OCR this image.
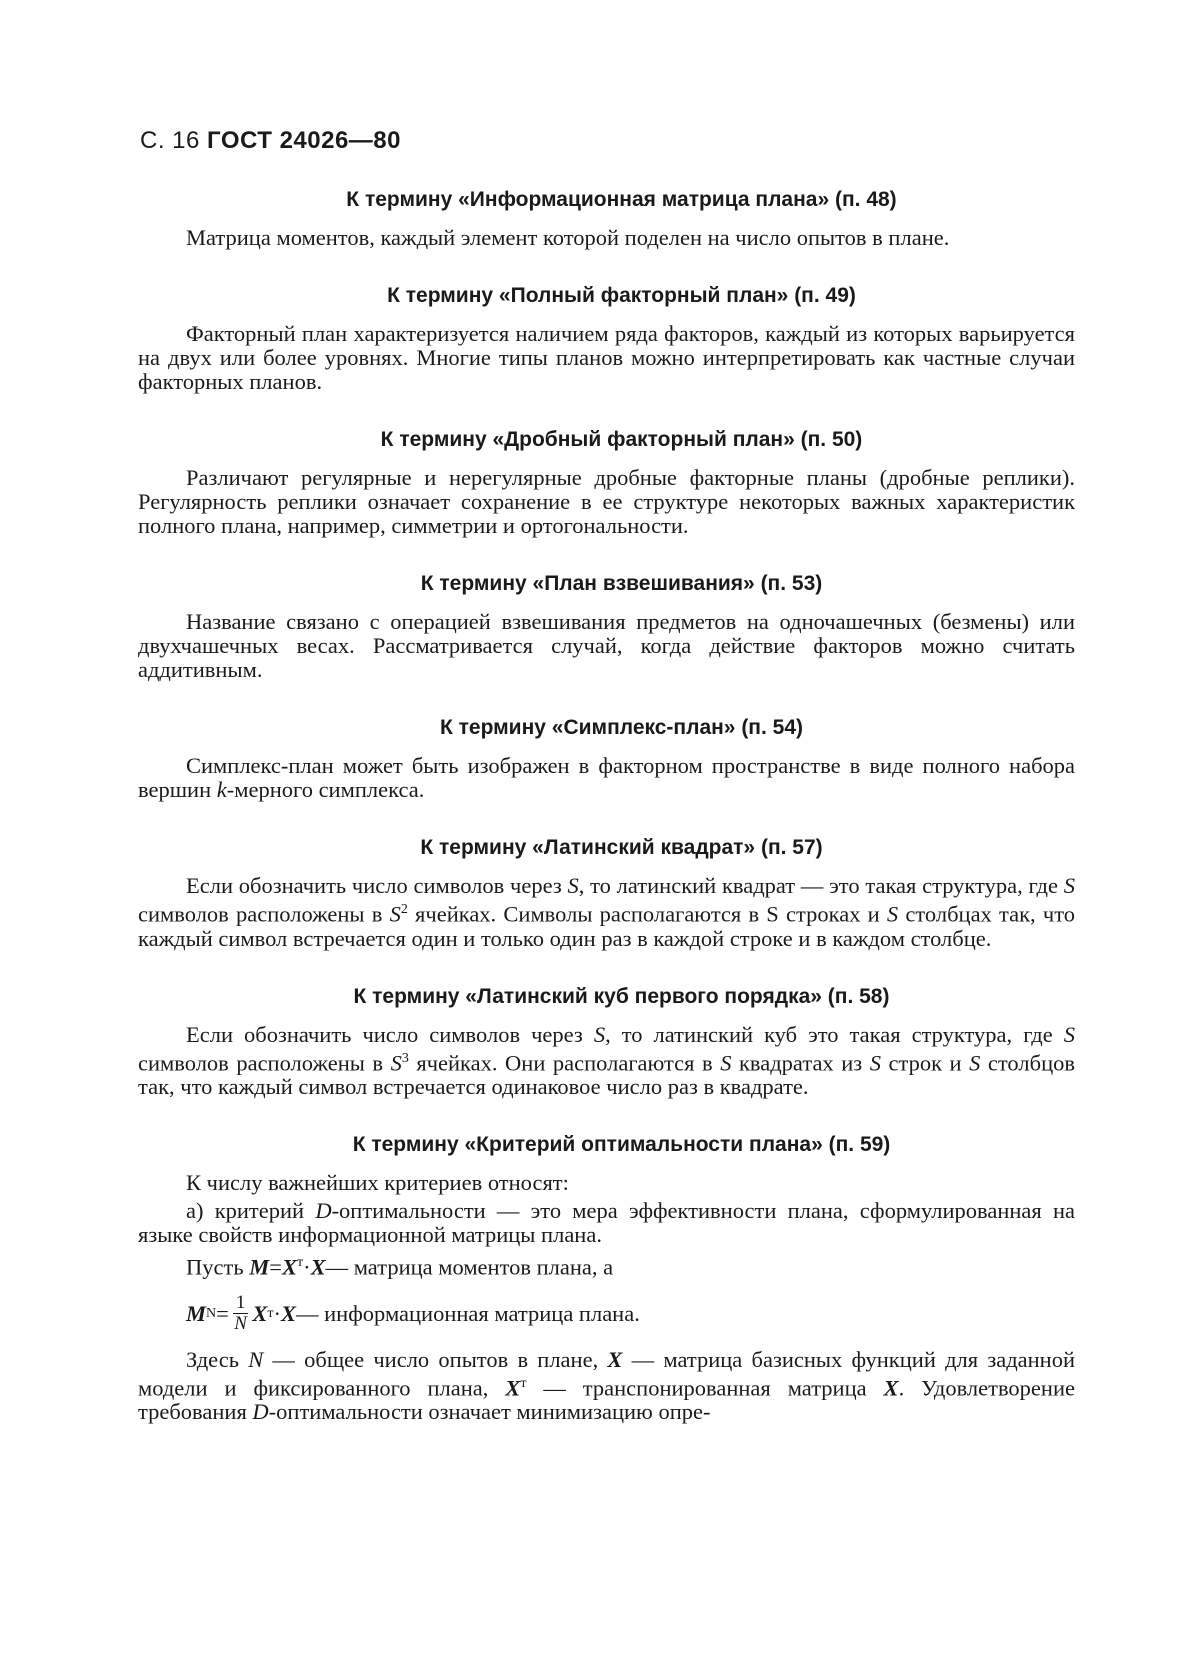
С. 16 ГОСТ 24026—80
К термину «Информационная матрица плана» (п. 48)

Матрица моментов, каждый элемент которой поделен на число опытов в плане.

К термину «Полный факторный план» (п. 49)

Факторный план характеризуется наличием ряда факторов, каждый из которых варьируется на двух или более уровнях. Многие типы планов можно интерпретировать как частные случаи факторных планов.

К термину «Дробный факторный план» (п. 50)

Различают регулярные и нерегулярные дробные факторные планы (дробные реплики). Регулярность реплики означает сохранение в ее структуре некоторых важных характеристик полного плана, например, симметрии и ортогональности.

К термину «План взвешивания» (п. 53)

Название связано с операцией взвешивания предметов на одночашечных (безмены) или двухчашечных весах. Рассматривается случай, когда действие факторов можно считать аддитивным.

К термину «Симплекс-план» (п. 54)

Симплекс-план может быть изображен в факторном пространстве в виде полного набора вершин k-мерного симплекса.

К термину «Латинский квадрат» (п. 57)

Если обозначить число символов через S, то латинский квадрат — это такая структура, где S символов расположены в $S^2$ ячейках. Символы располагаются в S строках и S столбцах так, что каждый символ встречается один и только один раз в каждой строке и в каждом столбце.

К термину «Латинский куб первого порядка» (п. 58)

Если обозначить число символов через S, то латинский куб это такая структура, где S символов расположены в $S^3$ ячейках. Они располагаются в S квадратах из S строк и S столбцов так, что каждый символ встречается одинаковое число раз в квадрате.

К термину «Критерий оптимальности плана» (п. 59)

К числу важнейших критериев относят:

а) критерий D-оптимальности — это мера эффективности плана, сформулированная на языке свойств информационной матрицы плана.

Пусть $M=X^т\cdot X—$ матрица моментов плана, а
M $N = \frac{1}{N}$ X т · X — информационная матрица плана.

Здесь N — общее число опытов в плане, X — матрица базисных функций для заданной модели и фиксированного плана, $X^т$ — транспонированная матрица X. Удовлетворение требования D-оптимальности означает минимизацию опре-
